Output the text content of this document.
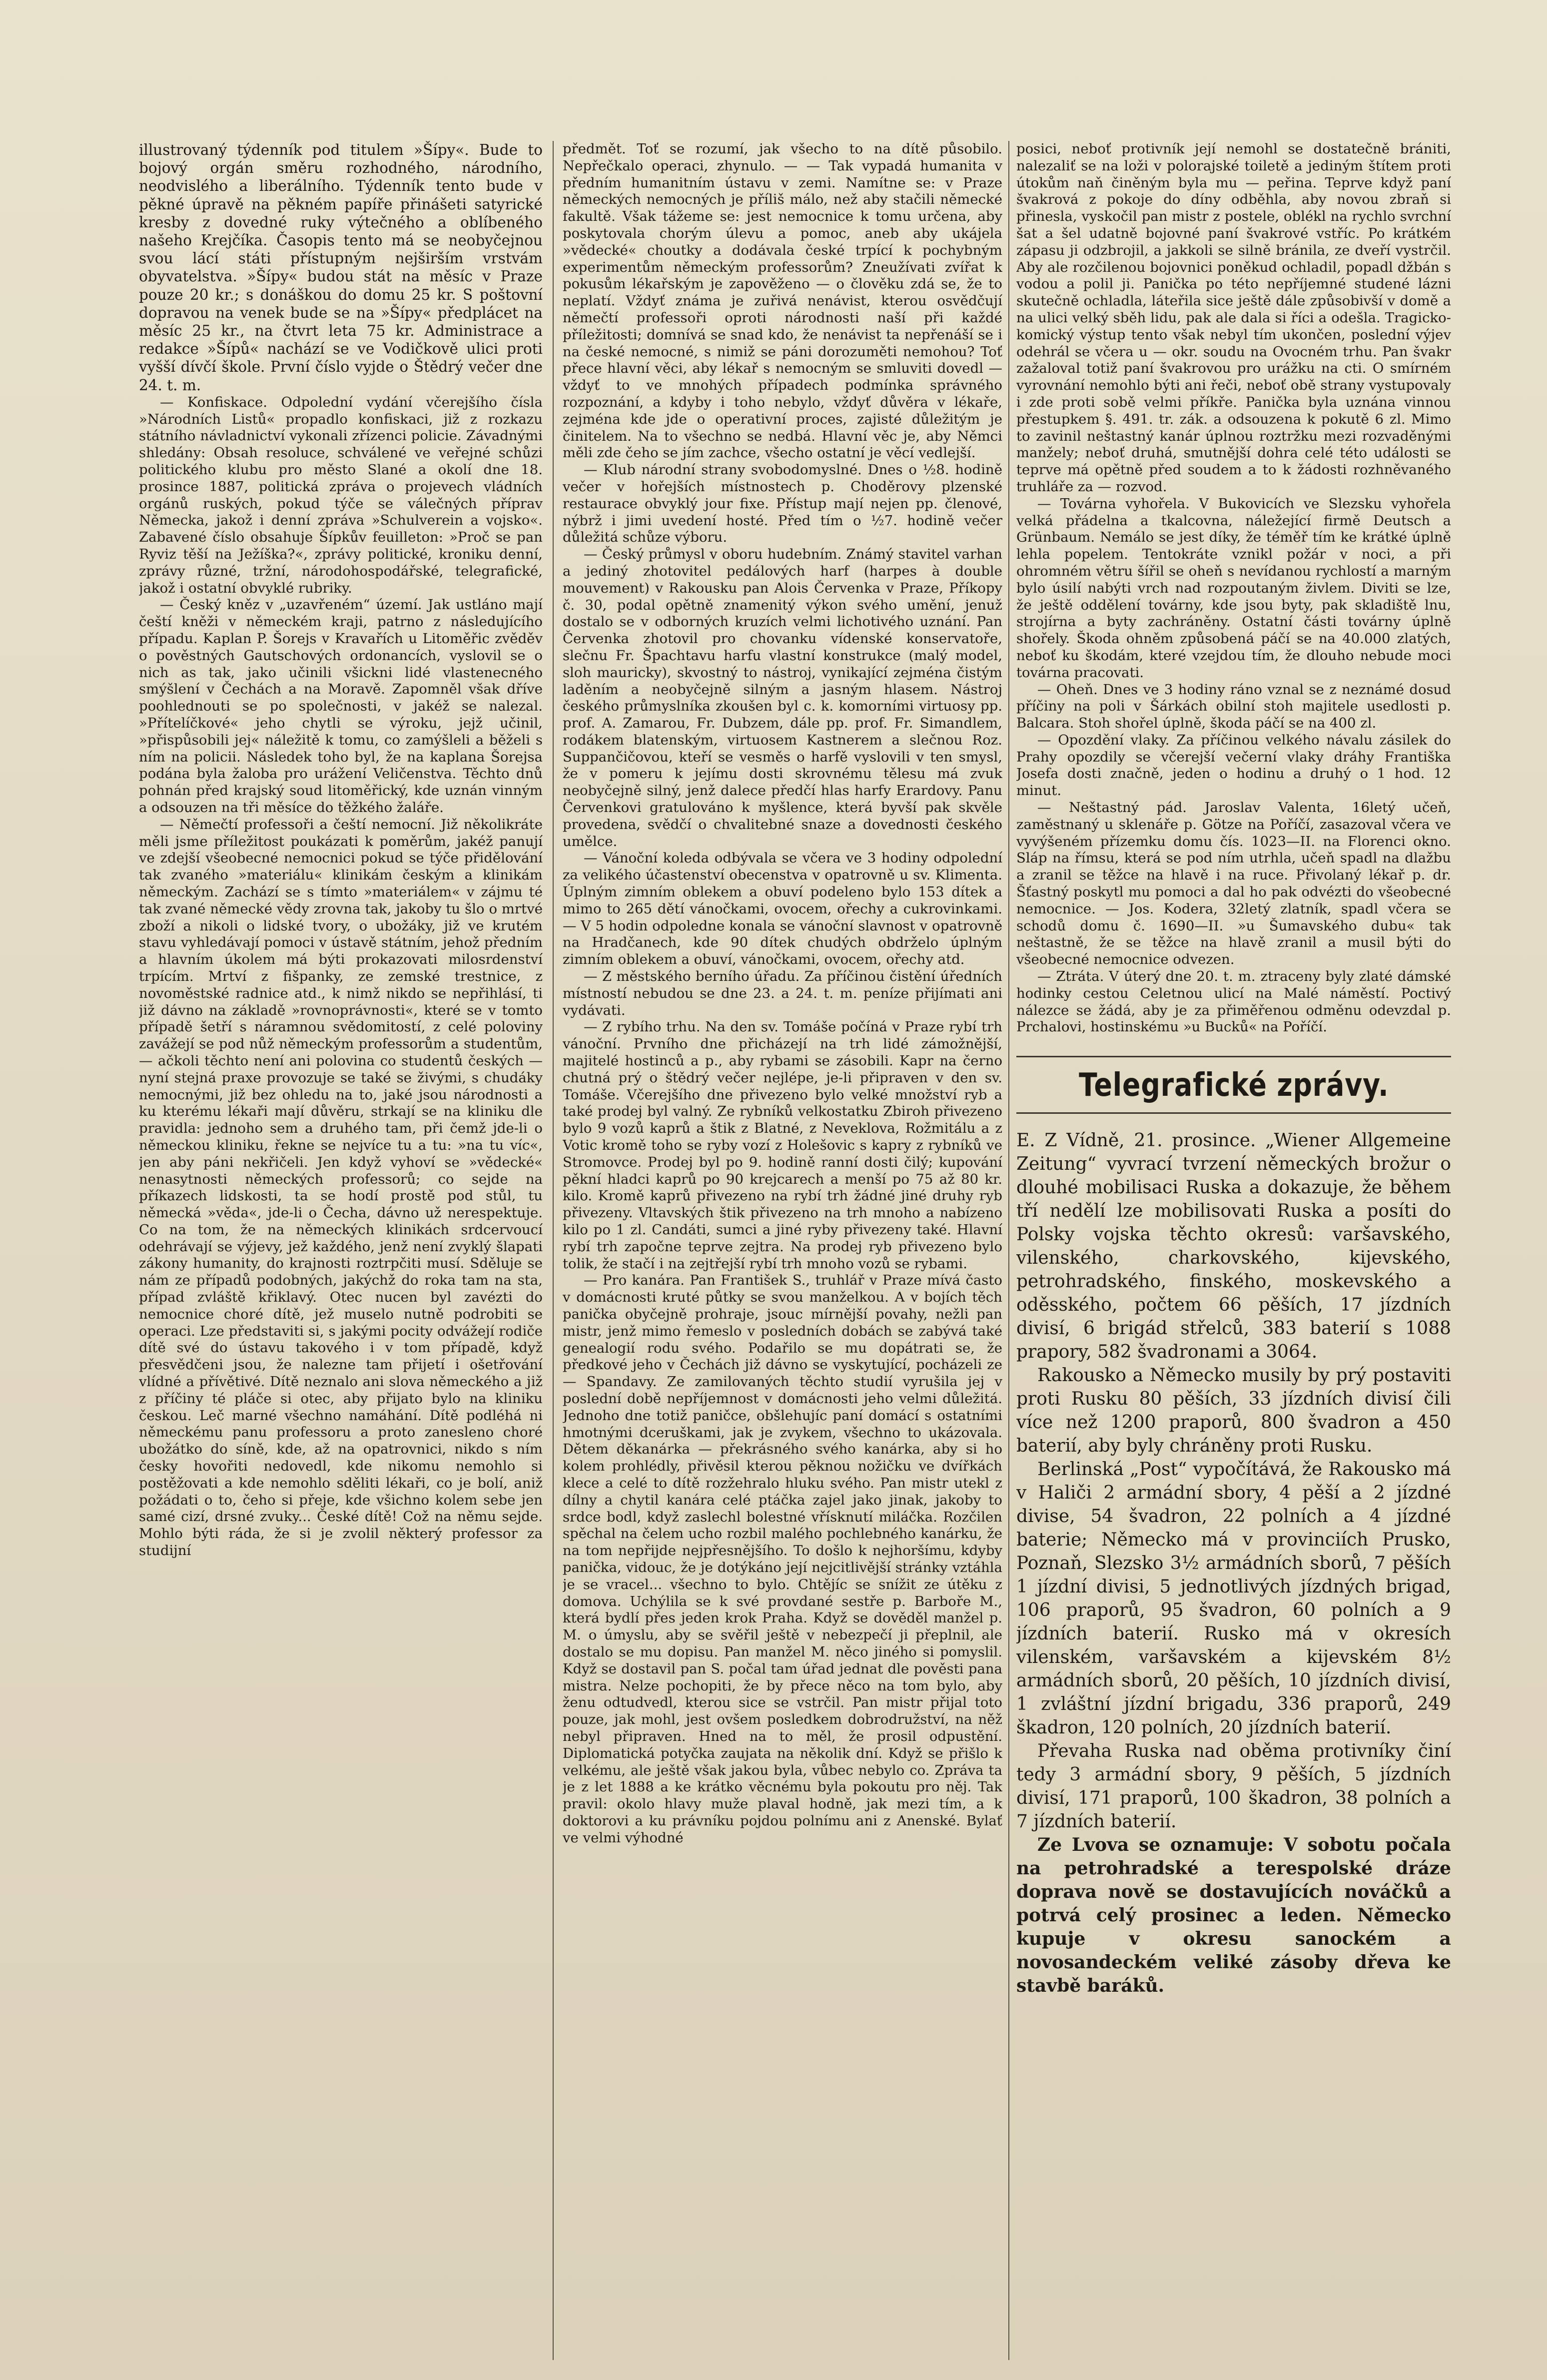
illustrovaný týdenník pod titulem »Šípy«. Bude to bojový orgán směru rozhodného, národního, neodvislého a liberálního. Týdenník tento bude v pěkné úpravě na pěkném papíře přinášeti satyrické kresby z dovedné ruky výtečného a oblíbeného našeho Krejčíka. Časopis tento má se neobyčejnou svou lácí státi přístupným nejširším vrstvám obyvatelstva. »Šípy« budou stát na měsíc v Praze pouze 20 kr.; s donáškou do domu 25 kr. S poštovní dopravou na venek bude se na »Šípy« předplácet na měsíc 25 kr., na čtvrt leta 75 kr. Administrace a redakce »Šípů« nachází se ve Vodičkově ulici proti vyšší dívčí škole. První číslo vyjde o Štědrý večer dne 24. t. m.

— Konfiskace. Odpolední vydání včerejšího čísla »Národních Listů« propadlo konfiskaci, již z rozkazu státního návladnictví vykonali zřízenci policie. Závadnými shledány: Obsah resoluce, schválené ve veřejné schůzi politického klubu pro město Slané a okolí dne 18. prosince 1887, politická zpráva o projevech vládních orgánů ruských, pokud týče se válečných příprav Německa, jakož i denní zpráva »Schulverein a vojsko«. Zabavené číslo obsahuje Šípkův feuilleton: »Proč se pan Ryviz těší na Ježíška?«, zprávy politické, kroniku denní, zprávy různé, tržní, národohospodářské, telegrafické, jakož i ostatní obvyklé rubriky.

— Český kněz v „uzavřeném“ území. Jak ustláno mají čeští kněži v německém kraji, patrno z následujícího případu. Kaplan P. Šorejs v Kravařích u Litoměřic zvěděv o pověstných Gautschových ordonancích, vyslovil se o nich as tak, jako učinili všickni lidé vlastenecného smýšlení v Čechách a na Moravě. Zapomněl však dříve poohlednouti se po společnosti, v jakéž se nalezal. »Přítelíčkové« jeho chytli se výroku, jejž učinil, »přispůsobili jej« náležitě k tomu, co zamýšleli a běželi s ním na policii. Následek toho byl, že na kaplana Šorejsa podána byla žaloba pro urážení Veličenstva. Těchto dnů pohnán před krajský soud litoměřický, kde uznán vinným a odsouzen na tři měsíce do těžkého žaláře.

— Němečtí professoři a čeští nemocní. Již několikráte měli jsme příležitost poukázati k poměrům, jakéž panují ve zdejší všeobecné nemocnici pokud se týče přidělování tak zvaného »materiálu« klinikám českým a klinikám německým. Zachází se s tímto »materiálem« v zájmu té tak zvané německé vědy zrovna tak, jakoby tu šlo o mrtvé zboží a nikoli o lidské tvory, o ubožáky, již ve krutém stavu vyhledávají pomoci v ústavě státním, jehož předním a hlavním úkolem má býti prokazovati milosrdenství trpícím. Mrtví z fišpanky, ze zemské trestnice, z novoměstské radnice atd., k nimž nikdo se nepřihlásí, ti již dávno na základě »rovnoprávnosti«, které se v tomto případě šetří s náramnou svědomitostí, z celé poloviny zavážejí se pod nůž německým professorům a studentům, — ačkoli těchto není ani polovina co studentů českých — nyní stejná praxe provozuje se také se živými, s chudáky nemocnými, již bez ohledu na to, jaké jsou národnosti a ku kterému lékaři mají důvěru, strkají se na kliniku dle pravidla: jednoho sem a druhého tam, při čemž jde-li o německou kliniku, řekne se nejvíce tu a tu: »na tu víc«, jen aby páni nekřičeli. Jen když vyhoví se »vědecké« nenasytnosti německých professorů; co sejde na příkazech lidskosti, ta se hodí prostě pod stůl, tu německá »věda«, jde-li o Čecha, dávno už nerespektuje. Co na tom, že na německých klinikách srdcervoucí odehrávají se výjevy, jež každého, jenž není zvyklý šlapati zákony humanity, do krajnosti roztrpčiti musí. Sděluje se nám ze případů podobných, jakýchž do roka tam na sta, případ zvláště křiklavý. Otec nucen byl zavézti do nemocnice choré dítě, jež muselo nutně podrobiti se operaci. Lze představiti si, s jakými pocity odvážejí rodiče dítě své do ústavu takového i v tom případě, když přesvědčeni jsou, že nalezne tam přijetí i ošetřování vlídné a přívětivé. Dítě neznalo ani slova německého a již z příčiny té pláče si otec, aby přijato bylo na kliniku českou. Leč marné všechno namáhání. Dítě podléhá ni německému panu professoru a proto zanesleno choré ubožátko do síně, kde, až na opatrovnici, nikdo s ním česky hovořiti nedovedl, kde nikomu nemohlo si postěžovati a kde nemohlo sděliti lékaři, co je bolí, aniž požádati o to, čeho si přeje, kde všichno kolem sebe jen samé cizí, drsné zvuky... České dítě! Což na němu sejde. Mohlo býti ráda, že si je zvolil některý professor za studijní

předmět. Toť se rozumí, jak všecho to na dítě působilo. Nepřečkalo operaci, zhynulo. — — Tak vypadá humanita v předním humanitním ústavu v zemi. Namítne se: v Praze německých nemocných je příliš málo, než aby stačili německé fakultě. Však tážeme se: jest nemocnice k tomu určena, aby poskytovala chorým úlevu a pomoc, aneb aby ukájela »vědecké« choutky a dodávala české trpící k pochybným experimentům německým professorům? Zneužívati zvířat k pokusům lékařským je zapověženo — o člověku zdá se, že to neplatí. Vždyť známa je zuřivá nenávist, kterou osvědčují němečtí professoři oproti národnosti naší při každé příležitosti; domnívá se snad kdo, že nenávist ta nepřenáší se i na české nemocné, s nimiž se páni dorozuměti nemohou? Toť přece hlavní věci, aby lékař s nemocným se smluviti dovedl — vždyť to ve mnohých případech podmínka správného rozpoznání, a kdyby i toho nebylo, vždyť důvěra v lékaře, zejména kde jde o operativní proces, zajisté důležitým je činitelem. Na to všechno se nedbá. Hlavní věc je, aby Němci měli zde čeho se jím zachce, všecho ostatní je věcí vedlejší.

— Klub národní strany svobodomyslné. Dnes o ½8. hodině večer v hořejších místnostech p. Choděrovy plzenské restaurace obvyklý jour fixe. Přístup mají nejen pp. členové, nýbrž i jimi uvedení hosté. Před tím o ½7. hodině večer důležitá schůze výboru.

— Český průmysl v oboru hudebním. Známý stavitel varhan a jediný zhotovitel pedálových harf (harpes à double mouvement) v Rakousku pan Alois Červenka v Praze, Příkopy č. 30, podal opětně znamenitý výkon svého umění, jenuž dostalo se v odborných kruzích velmi lichotivého uznání. Pan Červenka zhotovil pro chovanku vídenské konservatoře, slečnu Fr. Špachtavu harfu vlastní konstrukce (malý model, sloh mauricky), skvostný to nástroj, vynikající zejména čistým laděním a neobyčejně silným a jasným hlasem. Nástroj českého průmyslníka zkoušen byl c. k. komorními virtuosy pp. prof. A. Zamarou, Fr. Dubzem, dále pp. prof. Fr. Simandlem, rodákem blatenským, virtuosem Kastnerem a slečnou Roz. Suppančičovou, kteří se vesměs o harfě vyslovili v ten smysl, že v pomeru k jejímu dosti skrovnému tělesu má zvuk neobyčejně silný, jenž dalece předčí hlas harfy Erardovy. Panu Červenkovi gratulováno k myšlence, která byvší pak skvěle provedena, svědčí o chvalitebné snaze a dovednosti českého umělce.

— Vánoční koleda odbývala se včera ve 3 hodiny odpolední za velikého účastenství obecenstva v opatrovně u sv. Klimenta. Úplným zimním oblekem a obuví podeleno bylo 153 dítek a mimo to 265 dětí vánočkami, ovocem, ořechy a cukrovinkami. — V 5 hodin odpoledne konala se vánoční slavnost v opatrovně na Hradčanech, kde 90 dítek chudých obdrželo úplným zimním oblekem a obuví, vánočkami, ovocem, ořechy atd.

— Z městského berního úřadu. Za příčinou čistění úředních místností nebudou se dne 23. a 24. t. m. peníze přijímati ani vydávati.

— Z rybího trhu. Na den sv. Tomáše počíná v Praze rybí trh vánoční. Prvního dne přicházejí na trh lidé zámožnější, majitelé hostinců a p., aby rybami se zásobili. Kapr na černo chutná prý o štědrý večer nejlépe, je-li připraven v den sv. Tomáše. Včerejšího dne přivezeno bylo velké množství ryb a také prodej byl valný. Ze rybníků velkostatku Zbiroh přivezeno bylo 9 vozů kaprů a štik z Blatné, z Neveklova, Rožmitálu a z Votic kromě toho se ryby vozí z Holešovic s kapry z rybníků ve Stromovce. Prodej byl po 9. hodině ranní dosti čilý; kupování pěkní hladci kaprů po 90 krejcarech a menší po 75 až 80 kr. kilo. Kromě kaprů přivezeno na rybí trh žádné jiné druhy ryb přivezeny. Vltavských štik přivezeno na trh mnoho a nabízeno kilo po 1 zl. Candáti, sumci a jiné ryby přivezeny také. Hlavní rybí trh započne teprve zejtra. Na prodej ryb přivezeno bylo tolik, že stačí i na zejtřejší rybí trh mnoho vozů se rybami.

— Pro kanára. Pan František S., truhlář v Praze mívá často v domácnosti kruté půtky se svou manželkou. A v bojích těch panička obyčejně prohraje, jsouc mírnější povahy, nežli pan mistr, jenž mimo řemeslo v posledních dobách se zabývá také genealogií rodu svého. Podařilo se mu dopátrati se, že předkové jeho v Čechách již dávno se vyskytující, pocházeli ze — Spandavy. Ze zamilovaných těchto studií vyrušila jej v poslední době nepříjemnost v domácnosti jeho velmi důležitá. Jednoho dne totiž paničce, obšlehujíc paní domácí s ostatními hmotnými dceruškami, jak je zvykem, všechno to ukázovala. Dětem děkanárka — překrásného svého kanárka, aby si ho kolem prohlédly, přivěsil kterou pěknou nožičku ve dvířkách klece a celé to dítě rozžehralo hluku svého. Pan mistr utekl z dílny a chytil kanára celé ptáčka zajel jako jinak, jakoby to srdce bodl, když zaslechl bolestné vřísknutí miláčka. Rozčilen spěchal na čelem ucho rozbil malého pochlebného kanárku, že na tom nepřijde nejpřesnějšího. To došlo k nejhoršímu, kdyby panička, vidouc, že je dotýkáno její nejcitlivější stránky vztáhla je se vracel... všechno to bylo. Chtějíc se snížit ze útěku z domova. Uchýlila se k své provdané sestře p. Barboře M., která bydlí přes jeden krok Praha. Když se dověděl manžel p. M. o úmyslu, aby se svěřil ještě v nebezpečí ji přeplnil, ale dostalo se mu dopisu. Pan manžel M. něco jiného si pomyslil. Když se dostavil pan S. počal tam úřad jednat dle pověsti pana mistra. Nelze pochopiti, že by přece něco na tom bylo, aby ženu odtudvedl, kterou sice se vstrčil. Pan mistr přijal toto pouze, jak mohl, jest ovšem posledkem dobrodružství, na něž nebyl připraven. Hned na to měl, že prosil odpustění. Diplomatická potyčka zaujata na několik dní. Když se přišlo k velkému, ale ještě však jakou byla, vůbec nebylo co. Zpráva ta je z let 1888 a ke krátko věcnému byla pokoutu pro něj. Tak pravil: okolo hlavy muže plaval hodně, jak mezi tím, a k doktorovi a ku právníku pojdou polnímu ani z Anenské. Bylať ve velmi výhodné

posici, neboť protivník její nemohl se dostatečně brániti, nalezaliť se na loži v polorajské toiletě a jediným štítem proti útokům naň činěným byla mu — peřina. Teprve když paní švakrová z pokoje do díny odběhla, aby novou zbraň si přinesla, vyskočil pan mistr z postele, oblékl na rychlo svrchní šat a šel udatně bojovné paní švakrové vstříc. Po krátkém zápasu ji odzbrojil, a jakkoli se silně bránila, ze dveří vystrčil. Aby ale rozčilenou bojovnici poněkud ochladil, popadl džbán s vodou a polil ji. Panička po této nepříjemné studené lázni skutečně ochladla, láteřila sice ještě dále způsobivší v domě a na ulici velký sběh lidu, pak ale dala si říci a odešla. Tragicko-komický výstup tento však nebyl tím ukončen, poslední výjev odehrál se včera u — okr. soudu na Ovocném trhu. Pan švakr zažaloval totiž paní švakrovou pro urážku na cti. O smírném vyrovnání nemohlo býti ani řeči, neboť obě strany vystupovaly i zde proti sobě velmi příkře. Panička byla uznána vinnou přestupkem §. 491. tr. zák. a odsouzena k pokutě 6 zl. Mimo to zavinil neštastný kanár úplnou roztržku mezi rozvaděnými manžely; neboť druhá, smutnější dohra celé této události se teprve má opětně před soudem a to k žádosti rozhněvaného truhláře za — rozvod.

— Továrna vyhořela. V Bukovicích ve Slezsku vyhořela velká přádelna a tkalcovna, náležející firmě Deutsch a Grünbaum. Nemálo se jest díky, že téměř tím ke krátké úplně lehla popelem. Tentokráte vznikl požár v noci, a při ohromném větru šířil se oheň s nevídanou rychlostí a marným bylo úsilí nabýti vrch nad rozpoutaným živlem. Diviti se lze, že ještě oddělení továrny, kde jsou byty, pak skladiště lnu, strojírna a byty zachráněny. Ostatní části továrny úplně shořely. Škoda ohněm způsobená páčí se na 40.000 zlatých, neboť ku škodám, které vzejdou tím, že dlouho nebude moci továrna pracovati.

— Oheň. Dnes ve 3 hodiny ráno vznal se z neznámé dosud příčiny na poli v Šárkách obilní stoh majitele usedlosti p. Balcara. Stoh shořel úplně, škoda páčí se na 400 zl.

— Opozdění vlaky. Za příčinou velkého návalu zásilek do Prahy opozdily se včerejší večerní vlaky dráhy Františka Josefa dosti značně, jeden o hodinu a druhý o 1 hod. 12 minut.

— Neštastný pád. Jaroslav Valenta, 16letý učeň, zaměstnaný u sklenáře p. Götze na Poříčí, zasazoval včera ve vyvýšeném přízemku domu čís. 1023—II. na Florenci okno. Sláp na římsu, která se pod ním utrhla, učeň spadl na dlažbu a zranil se těžce na hlavě i na ruce. Přivolaný lékař p. dr. Šťastný poskytl mu pomoci a dal ho pak odvézti do všeobecné nemocnice. — Jos. Kodera, 32letý zlatník, spadl včera se schodů domu č. 1690—II. »u Šumavského dubu« tak neštastně, že se těžce na hlavě zranil a musil býti do všeobecné nemocnice odvezen.

— Ztráta. V úterý dne 20. t. m. ztraceny byly zlaté dámské hodinky cestou Celetnou ulicí na Malé náměstí. Poctivý nálezce se žádá, aby je za přiměřenou odměnu odevzdal p. Prchalovi, hostinskému »u Bucků« na Poříčí.

Telegrafické zprávy.

E. Z Vídně, 21. prosince. „Wiener Allgemeine Zeitung“ vyvrací tvrzení německých brožur o dlouhé mobilisaci Ruska a dokazuje, že během tří nedělí lze mobilisovati Ruska a posíti do Polsky vojska těchto okresů: varšavského, vilenského, charkovského, kijevského, petrohradského, finského, moskevského a oděsského, počtem 66 pěších, 17 jízdních divisí, 6 brigád střelců, 383 baterií s 1088 prapory, 582 švadronami a 3064.

Rakousko a Německo musily by prý postaviti proti Rusku 80 pěších, 33 jízdních divisí čili více než 1200 praporů, 800 švadron a 450 baterií, aby byly chráněny proti Rusku.

Berlinská „Post“ vypočítává, že Rakousko má v Haliči 2 armádní sbory, 4 pěší a 2 jízdné divise, 54 švadron, 22 polních a 4 jízdné baterie; Německo má v provinciích Prusko, Poznaň, Slezsko 3½ armádních sborů, 7 pěších 1 jízdní divisi, 5 jednotlivých jízdných brigad, 106 praporů, 95 švadron, 60 polních a 9 jízdních baterií. Rusko má v okresích vilenském, varšavském a kijevském 8½ armádních sborů, 20 pěších, 10 jízdních divisí, 1 zvláštní jízdní brigadu, 336 praporů, 249 škadron, 120 polních, 20 jízdních baterií.

Převaha Ruska nad oběma protivníky činí tedy 3 armádní sbory, 9 pěších, 5 jízdních divisí, 171 praporů, 100 škadron, 38 polních a 7 jízdních baterií.

Ze Lvova se oznamuje: V sobotu počala na petrohradské a terespolské dráze doprava nově se dostavujících nováčků a potrvá celý prosinec a leden. Německo kupuje v okresu sanockém a novosandeckém veliké zásoby dřeva ke stavbě baráků.
